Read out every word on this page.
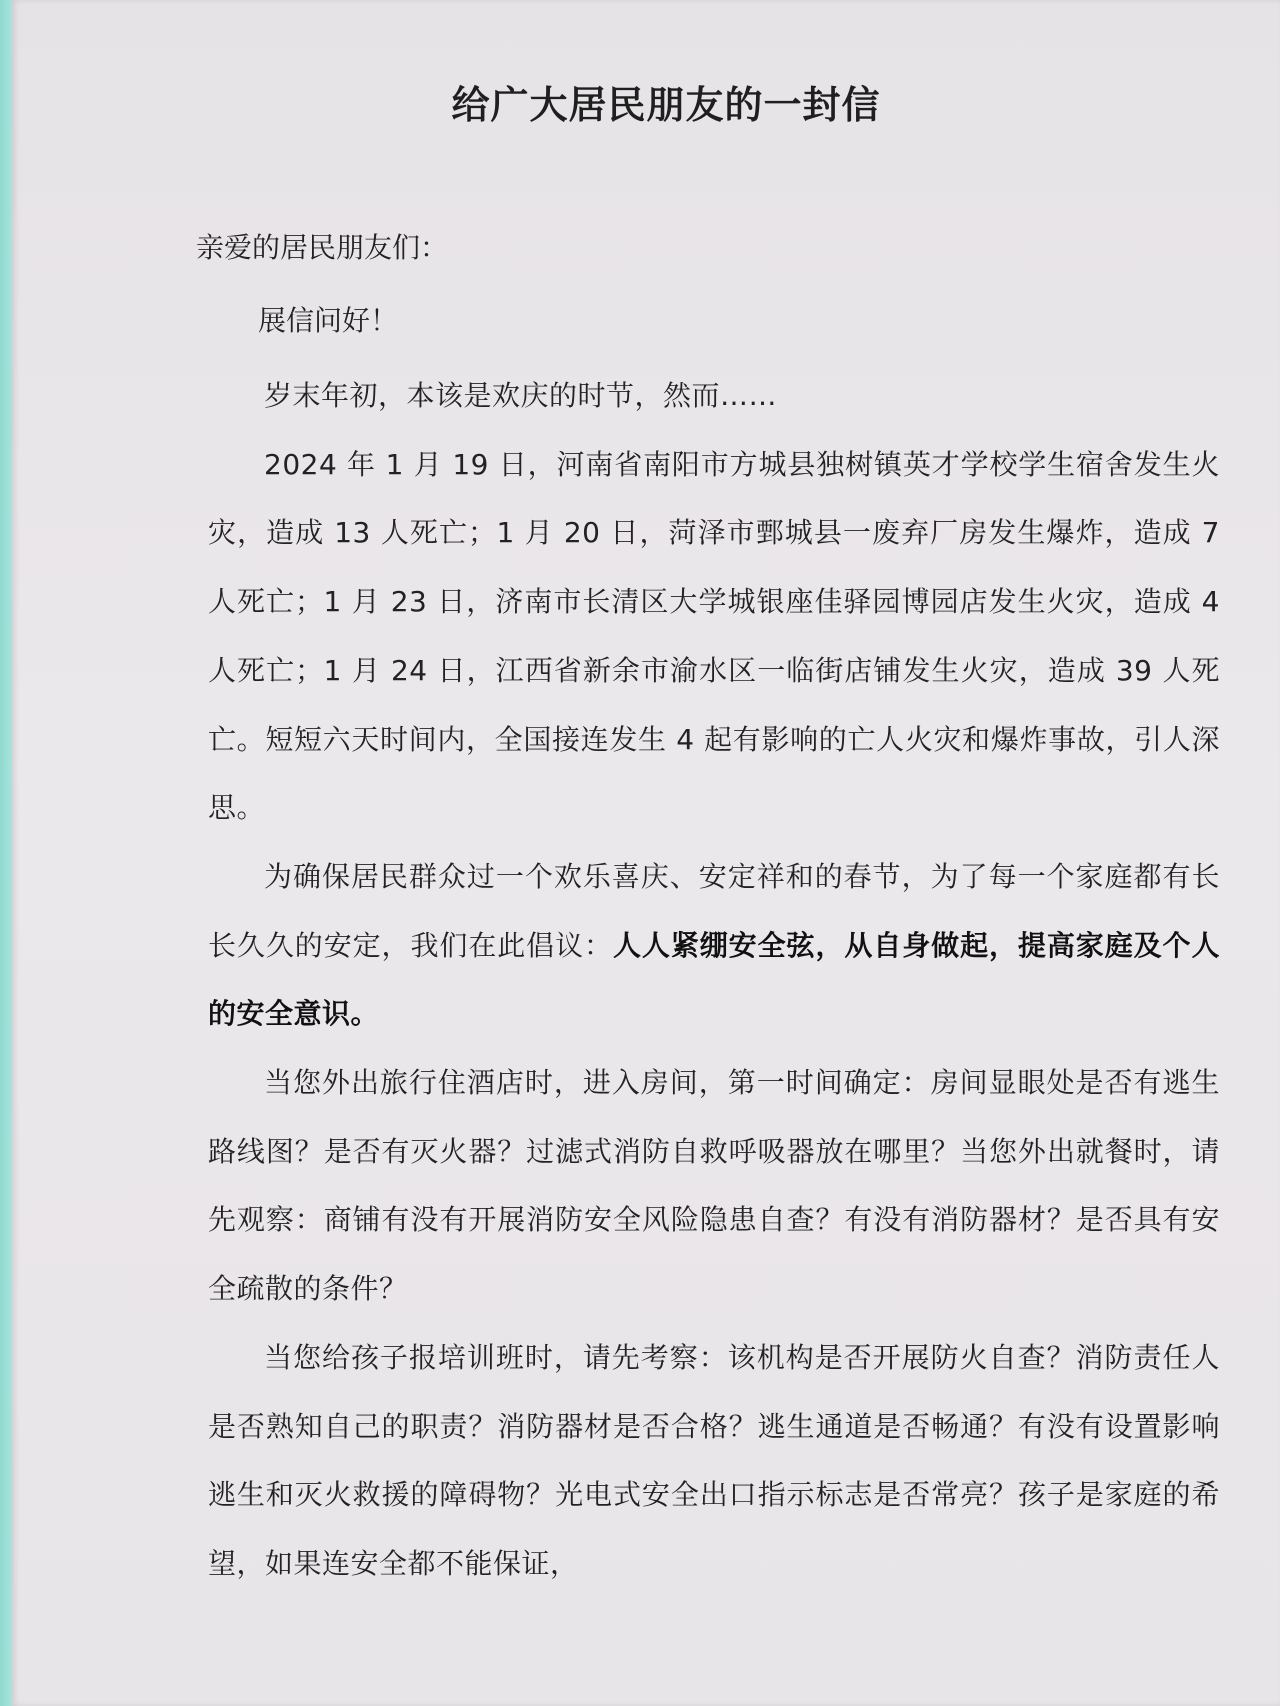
给广大居民朋友的一封信
亲爱的居民朋友们：
展信问好！

岁末年初，本该是欢庆的时节，然而……

2024 年 1 月 19 日，河南省南阳市方城县独树镇英才学校学生宿舍发生火灾，造成 13 人死亡；1 月 20 日，菏泽市鄄城县一废弃厂房发生爆炸，造成 7 人死亡；1 月 23 日，济南市长清区大学城银座佳驿园博园店发生火灾，造成 4 人死亡；1 月 24 日，江西省新余市渝水区一临街店铺发生火灾，造成 39 人死亡。短短六天时间内，全国接连发生 4 起有影响的亡人火灾和爆炸事故，引人深思。

为确保居民群众过一个欢乐喜庆、安定祥和的春节，为了每一个家庭都有长长久久的安定，我们在此倡议：人人紧绷安全弦，从自身做起，提高家庭及个人的安全意识。

当您外出旅行住酒店时，进入房间，第一时间确定：房间显眼处是否有逃生路线图？是否有灭火器？过滤式消防自救呼吸器放在哪里？当您外出就餐时，请先观察：商铺有没有开展消防安全风险隐患自查？有没有消防器材？是否具有安全疏散的条件？

当您给孩子报培训班时，请先考察：该机构是否开展防火自查？消防责任人是否熟知自己的职责？消防器材是否合格？逃生通道是否畅通？有没有设置影响逃生和灭火救援的障碍物？光电式安全出口指示标志是否常亮？孩子是家庭的希望，如果连安全都不能保证，
